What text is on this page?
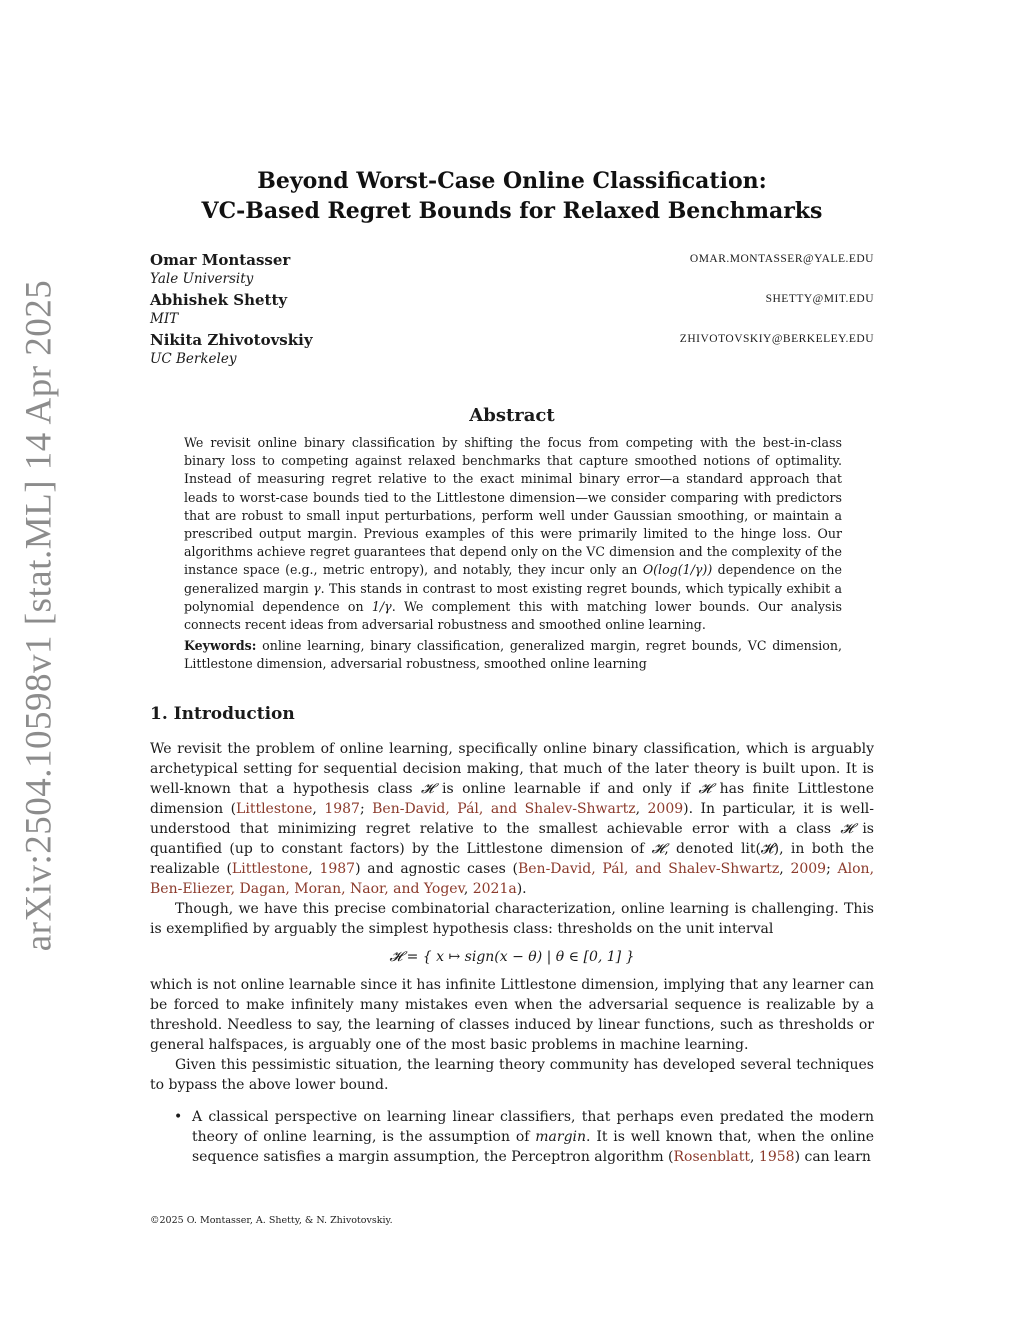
arXiv:2504.10598v1 [stat.ML] 14 Apr 2025
Beyond Worst-Case Online Classification:
VC-Based Regret Bounds for Relaxed Benchmarks
Omar Montasser	OMAR.MONTASSER@YALE.EDU
Yale University
Abhishek Shetty	SHETTY@MIT.EDU
MIT
Nikita Zhivotovskiy	ZHIVOTOVSKIY@BERKELEY.EDU
UC Berkeley
Abstract

We revisit online binary classification by shifting the focus from competing with the best-in-class binary loss to competing against relaxed benchmarks that capture smoothed notions of optimality. Instead of measuring regret relative to the exact minimal binary error—a standard approach that leads to worst-case bounds tied to the Littlestone dimension—we consider comparing with predictors that are robust to small input perturbations, perform well under Gaussian smoothing, or maintain a prescribed output margin. Previous examples of this were primarily limited to the hinge loss. Our algorithms achieve regret guarantees that depend only on the VC dimension and the complexity of the instance space (e.g., metric entropy), and notably, they incur only an O(log(1/γ)) dependence on the generalized margin γ. This stands in contrast to most existing regret bounds, which typically exhibit a polynomial dependence on 1/γ. We complement this with matching lower bounds. Our analysis connects recent ideas from adversarial robustness and smoothed online learning.

Keywords: online learning, binary classification, generalized margin, regret bounds, VC dimension, Littlestone dimension, adversarial robustness, smoothed online learning

1. Introduction

We revisit the problem of online learning, specifically online binary classification, which is arguably archetypical setting for sequential decision making, that much of the later theory is built upon. It is well-known that a hypothesis class 𝓗 is online learnable if and only if 𝓗 has finite Littlestone dimension (Littlestone, 1987; Ben-David, Pál, and Shalev-Shwartz, 2009). In particular, it is well-understood that minimizing regret relative to the smallest achievable error with a class 𝓗 is quantified (up to constant factors) by the Littlestone dimension of 𝓗, denoted lit(𝓗), in both the realizable (Littlestone, 1987) and agnostic cases (Ben-David, Pál, and Shalev-Shwartz, 2009; Alon, Ben-Eliezer, Dagan, Moran, Naor, and Yogev, 2021a).

Though, we have this precise combinatorial characterization, online learning is challenging. This is exemplified by arguably the simplest hypothesis class: thresholds on the unit interval

𝓗 = { x ↦ sign(x − θ) | θ ∈ [0, 1] }

which is not online learnable since it has infinite Littlestone dimension, implying that any learner can be forced to make infinitely many mistakes even when the adversarial sequence is realizable by a threshold. Needless to say, the learning of classes induced by linear functions, such as thresholds or general halfspaces, is arguably one of the most basic problems in machine learning.

Given this pessimistic situation, the learning theory community has developed several techniques to bypass the above lower bound.

• A classical perspective on learning linear classifiers, that perhaps even predated the modern theory of online learning, is the assumption of margin. It is well known that, when the online sequence satisfies a margin assumption, the Perceptron algorithm (Rosenblatt, 1958) can learn

©2025 O. Montasser, A. Shetty, & N. Zhivotovskiy.
